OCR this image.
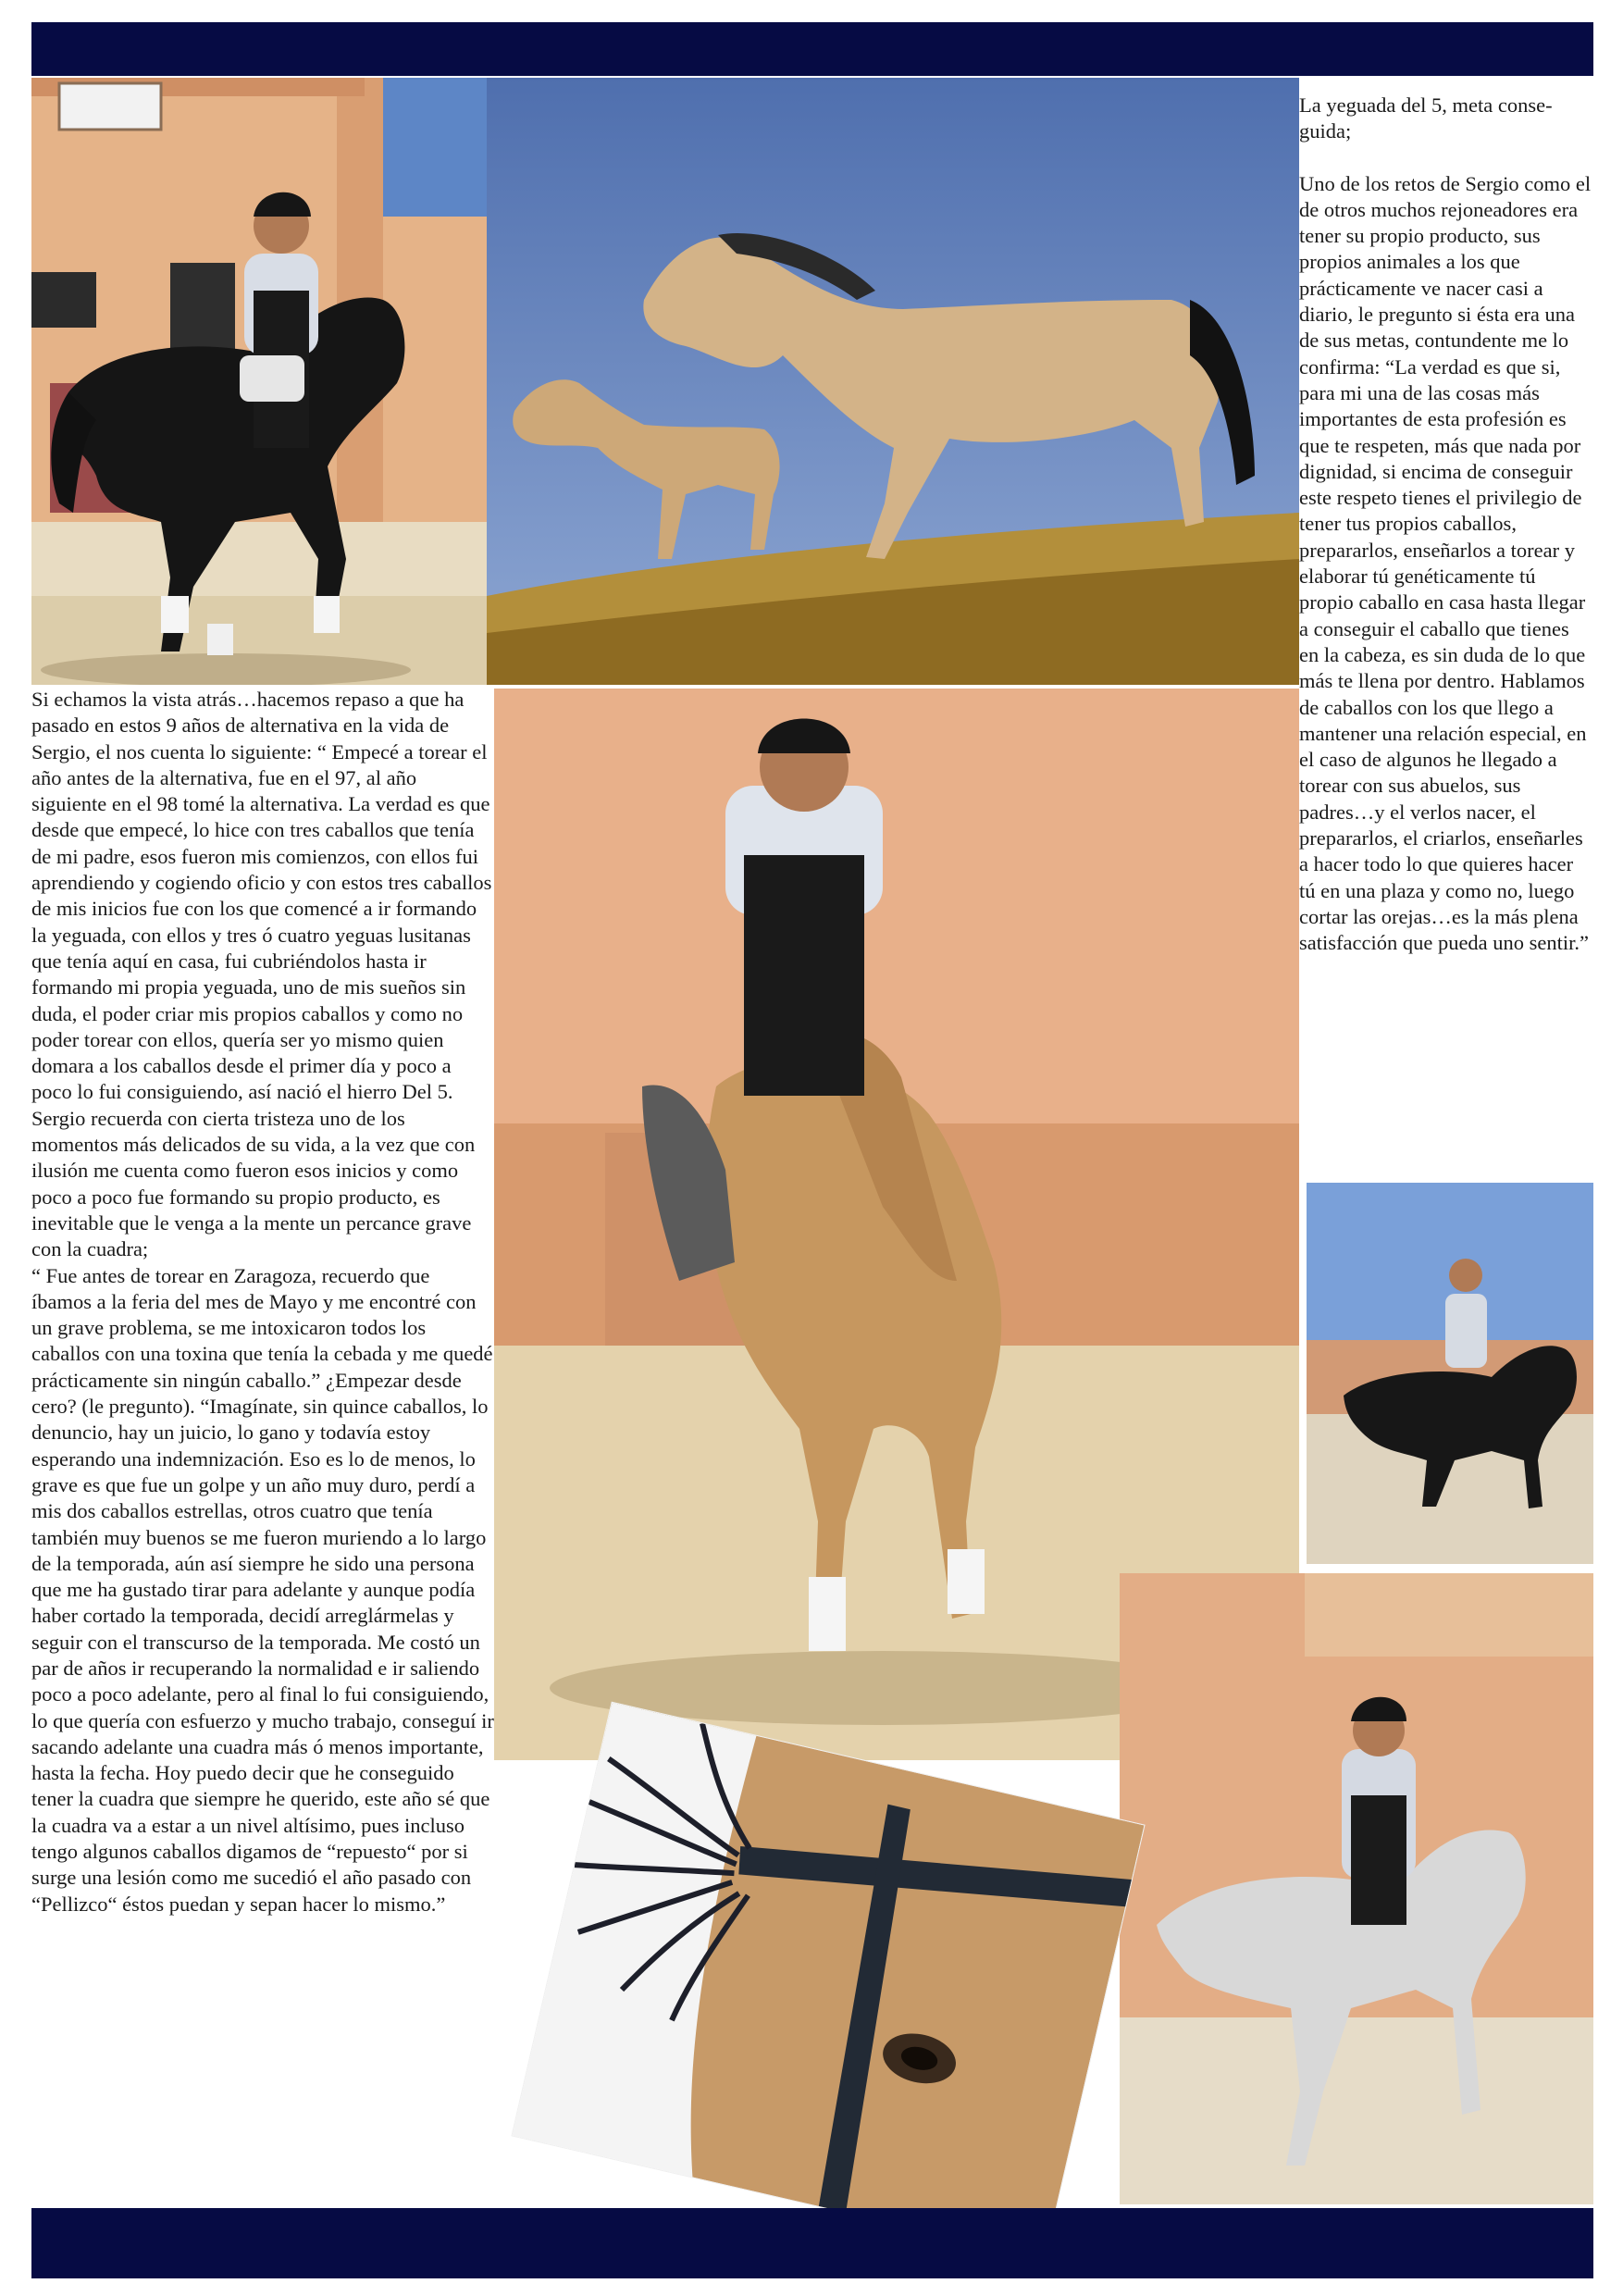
La yeguada del 5, meta conse-guida;

Uno de los retos de Sergio como el de otros muchos rejoneadores era tener su propio producto, sus propios animales a los que prácticamente ve nacer casi a diario, le pregunto si ésta era una de sus metas, contundente me lo confirma: “La verdad es que si, para mi una de las cosas más importantes de esta profesión es que te respeten, más que nada por dignidad, si encima de conseguir este respeto tienes el privilegio de tener tus propios caballos, prepararlos, enseñarlos a torear y elaborar tú genéticamente tú propio caballo en casa hasta llegar a conseguir el caballo que tienes en la cabeza, es sin duda de lo que más te llena por dentro. Hablamos de caballos con los que llego a mantener una relación especial, en el caso de algunos he llegado a torear con sus abuelos, sus padres…y el verlos nacer, el prepararlos, el criarlos, enseñarles a hacer todo lo que quieres hacer tú en una plaza y como no, luego cortar las orejas…es la más plena satisfacción que pueda uno sentir.”

Si echamos la vista atrás…hacemos repaso a que ha pasado en estos 9 años de alternativa en la vida de Sergio, el nos cuenta lo siguiente: “ Empecé a torear el año antes de la alternativa, fue en el 97, al año siguiente en el 98 tomé la alternativa. La verdad es que desde que empecé, lo hice con tres caballos que tenía de mi padre, esos fueron mis comienzos, con ellos fui aprendiendo y cogiendo oficio y con estos tres caballos de mis inicios fue con los que comencé a ir formando la yeguada, con ellos y tres ó cuatro yeguas lusitanas que tenía aquí en casa, fui cubriéndolos hasta ir formando mi propia yeguada, uno de mis sueños sin duda, el poder criar mis propios caballos y como no poder torear con ellos, quería ser yo mismo quien domara a los caballos desde el primer día y poco a poco lo fui consiguiendo, así nació el hierro Del 5.

Sergio recuerda con cierta tristeza uno de los momentos más delicados de su vida, a la vez que con ilusión me cuenta como fueron esos inicios y como poco a poco fue formando su propio producto, es inevitable que le venga a la mente un percance grave con la cuadra;

“ Fue antes de torear en Zaragoza, recuerdo que íbamos a la feria del mes de Mayo y me encontré con un grave problema, se me intoxicaron todos los caballos con una toxina que tenía la cebada y me quedé prácticamente sin ningún caballo.” ¿Empezar desde cero? (le pregunto). “Imagínate, sin quince caballos, lo denuncio, hay un juicio, lo gano y todavía estoy esperando una indemnización. Eso es lo de menos, lo grave es que fue un golpe y un año muy duro, perdí a mis dos caballos estrellas, otros cuatro que tenía también muy buenos se me fueron muriendo a lo largo de la temporada, aún así siempre he sido una persona que me ha gustado tirar para adelante y aunque podía haber cortado la temporada, decidí arreglármelas y seguir con el transcurso de la temporada. Me costó un par de años ir recuperando la normalidad e ir saliendo poco a poco adelante, pero al final lo fui consiguiendo, lo que quería con esfuerzo y mucho trabajo, conseguí ir sacando adelante una cuadra más ó menos importante, hasta la fecha. Hoy puedo decir que he conseguido tener la cuadra que siempre he querido, este año sé que la cuadra va a estar a un nivel altísimo, pues incluso tengo algunos caballos digamos de “repuesto“ por si surge una lesión como me sucedió el año pasado con “Pellizco“ éstos puedan y sepan hacer lo mismo.”
